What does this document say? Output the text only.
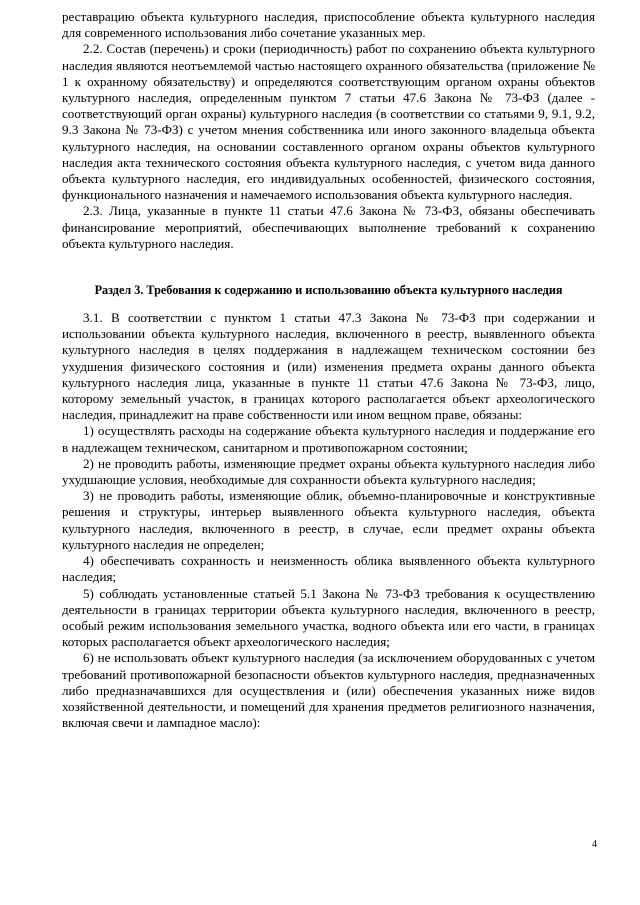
реставрацию объекта культурного наследия, приспособление объекта культурного наследия для современного использования либо сочетание указанных мер.

2.2. Состав (перечень) и сроки (периодичность) работ по сохранению объекта культурного наследия являются неотъемлемой частью настоящего охранного обязательства (приложение № 1 к охранному обязательству) и определяются соответствующим органом охраны объектов культурного наследия, определенным пунктом 7 статьи 47.6 Закона № 73-ФЗ (далее - соответствующий орган охраны) культурного наследия (в соответствии со статьями 9, 9.1, 9.2, 9.3 Закона № 73-ФЗ) с учетом мнения собственника или иного законного владельца объекта культурного наследия, на основании составленного органом охраны объектов культурного наследия акта технического состояния объекта культурного наследия, с учетом вида данного объекта культурного наследия, его индивидуальных особенностей, физического состояния, функционального назначения и намечаемого использования объекта культурного наследия.

2.3. Лица, указанные в пункте 11 статьи 47.6 Закона № 73-ФЗ, обязаны обеспечивать финансирование мероприятий, обеспечивающих выполнение требований к сохранению объекта культурного наследия.

Раздел 3. Требования к содержанию и использованию объекта культурного наследия

3.1. В соответствии с пунктом 1 статьи 47.3 Закона № 73-ФЗ при содержании и использовании объекта культурного наследия, включенного в реестр, выявленного объекта культурного наследия в целях поддержания в надлежащем техническом состоянии без ухудшения физического состояния и (или) изменения предмета охраны данного объекта культурного наследия лица, указанные в пункте 11 статьи 47.6 Закона № 73-ФЗ, лицо, которому земельный участок, в границах которого располагается объект археологического наследия, принадлежит на праве собственности или ином вещном праве, обязаны:

1) осуществлять расходы на содержание объекта культурного наследия и поддержание его в надлежащем техническом, санитарном и противопожарном состоянии;

2) не проводить работы, изменяющие предмет охраны объекта культурного наследия либо ухудшающие условия, необходимые для сохранности объекта культурного наследия;

3) не проводить работы, изменяющие облик, объемно-планировочные и конструктивные решения и структуры, интерьер выявленного объекта культурного наследия, объекта культурного наследия, включенного в реестр, в случае, если предмет охраны объекта культурного наследия не определен;

4) обеспечивать сохранность и неизменность облика выявленного объекта культурного наследия;

5) соблюдать установленные статьей 5.1 Закона № 73-ФЗ требования к осуществлению деятельности в границах территории объекта культурного наследия, включенного в реестр, особый режим использования земельного участка, водного объекта или его части, в границах которых располагается объект археологического наследия;

6) не использовать объект культурного наследия (за исключением оборудованных с учетом требований противопожарной безопасности объектов культурного наследия, предназначенных либо предназначавшихся для осуществления и (или) обеспечения указанных ниже видов хозяйственной деятельности, и помещений для хранения предметов религиозного назначения, включая свечи и лампадное масло):

4
